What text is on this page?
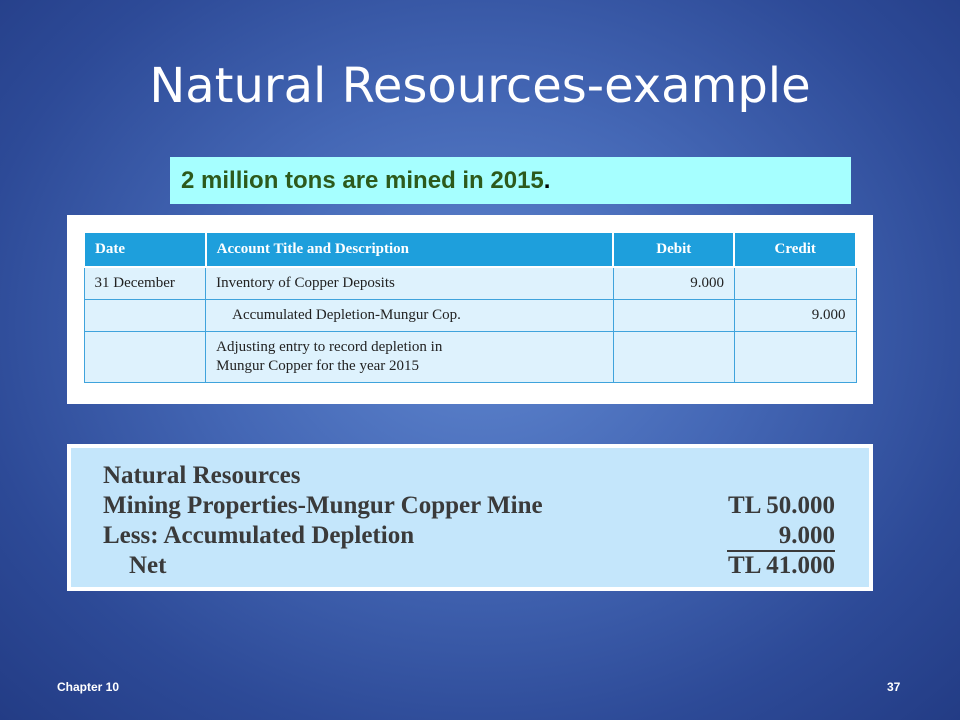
Natural Resources-example
2 million tons are mined in 2015.
Date	Account Title and Description	Debit	Credit
31 December	Inventory of Copper Deposits	9.000	
	Accumulated Depletion-Mungur Cop.		9.000

	Adjusting entry to record depletion in
Mungur Copper for the year 2015		

Natural Resources
Mining Properties-Mungur Copper Mine	TL 50.000
Less: Accumulated Depletion	9.000
Net	TL 41.000
Chapter 10	37
